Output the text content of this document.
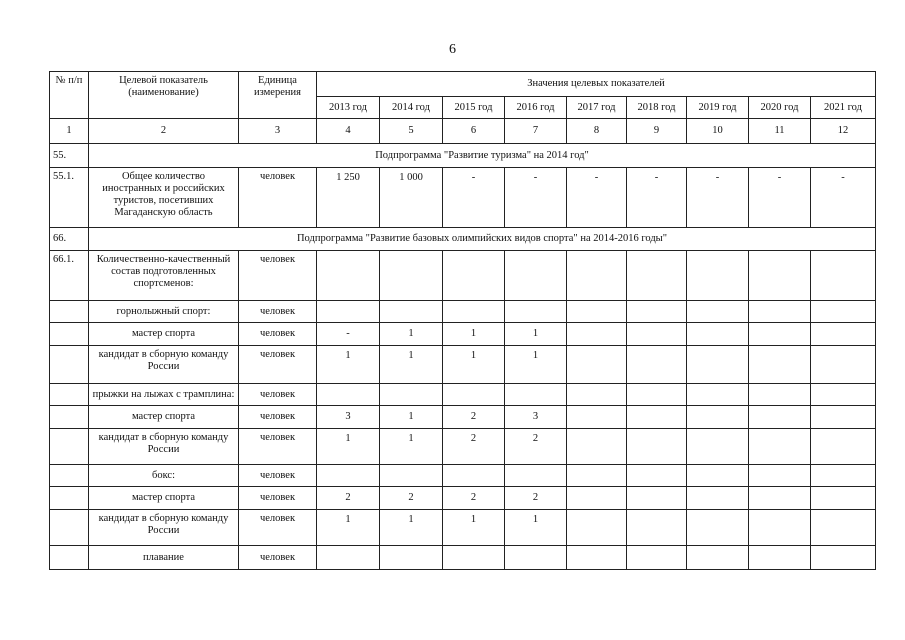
6
№ п/п	Целевой показатель (наименование)	Единица измерения	Значения целевых показателей								
			2013 год	2014 год	2015 год	2016 год	2017 год	2018 год	2019 год	2020 год	2021 год
1	2	3	4	5	6	7	8	9	10	11	12
55.	Подпрограмма "Развитие туризма" на 2014 год"										
55.1.	Общее количество иностранных и российских туристов, посетивших Магаданскую область	человек	1 250	1 000	-	-	-	-	-	-	-
66.	Подпрограмма "Развитие базовых олимпийских видов спорта" на 2014-2016 годы"										
66.1.	Количественно-качественный состав подготовленных спортсменов:	человек									
	горнолыжный спорт:	человек									
	мастер спорта	человек	-	1	1	1					
	кандидат в сборную команду России	человек	1	1	1	1					
	прыжки на лыжах с трамплина:	человек									
	мастер спорта	человек	3	1	2	3					
	кандидат в сборную команду России	человек	1	1	2	2					
	бокс:	человек									
	мастер спорта	человек	2	2	2	2					
	кандидат в сборную команду России	человек	1	1	1	1					
	плавание	человек									
